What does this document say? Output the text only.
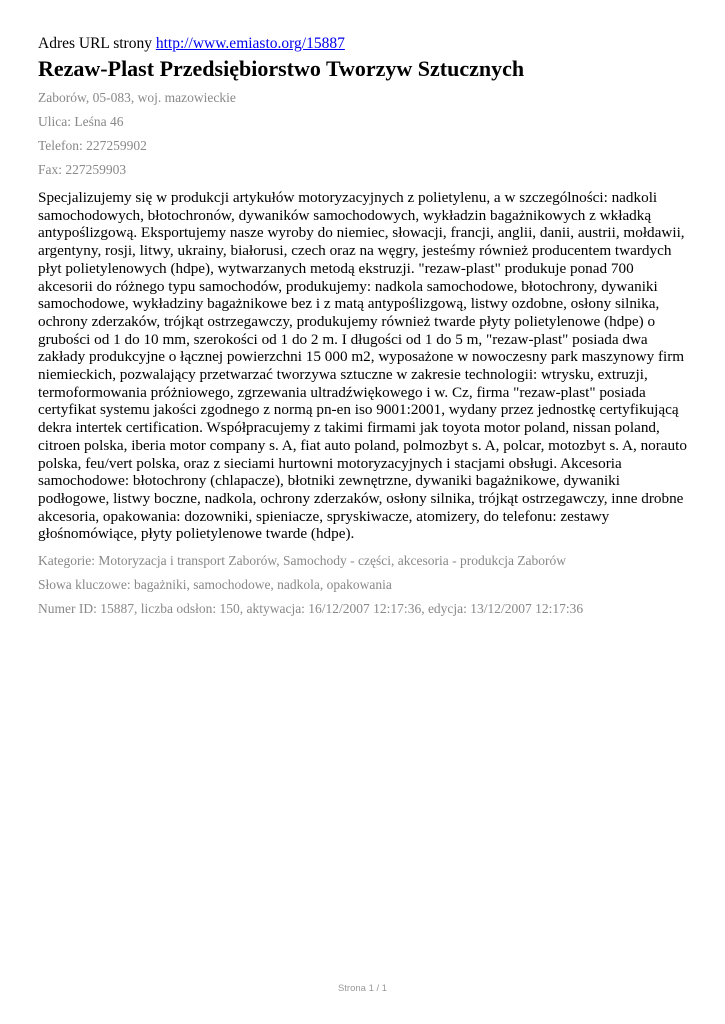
Adres URL strony http://www.emiasto.org/15887
Rezaw-Plast Przedsiębiorstwo Tworzyw Sztucznych

Zaborów, 05-083, woj. mazowieckie

Ulica: Leśna 46

Telefon: 227259902

Fax: 227259903

Specjalizujemy się w produkcji artykułów motoryzacyjnych z polietylenu, a w szczególności: nadkoli samochodowych, błotochronów, dywaników samochodowych, wykładzin bagażnikowych z wkładką antypoślizgową. Eksportujemy nasze wyroby do niemiec, słowacji, francji, anglii, danii, austrii, mołdawii, argentyny, rosji, litwy, ukrainy, białorusi, czech oraz na węgry, jesteśmy również producentem twardych płyt polietylenowych (hdpe), wytwarzanych metodą ekstruzji. "rezaw-plast" produkuje ponad 700 akcesorii do różnego typu samochodów, produkujemy: nadkola samochodowe, błotochrony, dywaniki samochodowe, wykładziny bagażnikowe bez i z matą antypoślizgową, listwy ozdobne, osłony silnika, ochrony zderzaków, trójkąt ostrzegawczy, produkujemy również twarde płyty polietylenowe (hdpe) o grubości od 1 do 10 mm, szerokości od 1 do 2 m. I długości od 1 do 5 m, "rezaw-plast" posiada dwa zakłady produkcyjne o łącznej powierzchni 15 000 m2, wyposażone w nowoczesny park maszynowy firm niemieckich, pozwalający przetwarzać tworzywa sztuczne w zakresie technologii: wtrysku, extruzji, termoformowania próżniowego, zgrzewania ultradźwiękowego i w. Cz, firma "rezaw-plast" posiada certyfikat systemu jakości zgodnego z normą pn-en iso 9001:2001, wydany przez jednostkę certyfikującą dekra intertek certification. Współpracujemy z takimi firmami jak toyota motor poland, nissan poland, citroen polska, iberia motor company s. A, fiat auto poland, polmozbyt s. A, polcar, motozbyt s. A, norauto polska, feu/vert polska, oraz z sieciami hurtowni motoryzacyjnych i stacjami obsługi. Akcesoria samochodowe: błotochrony (chlapacze), błotniki zewnętrzne, dywaniki bagażnikowe, dywaniki podłogowe, listwy boczne, nadkola, ochrony zderzaków, osłony silnika, trójkąt ostrzegawczy, inne drobne akcesoria, opakowania: dozowniki, spieniacze, spryskiwacze, atomizery, do telefonu: zestawy głośnomówiące, płyty polietylenowe twarde (hdpe).

Kategorie: Motoryzacja i transport Zaborów, Samochody - części, akcesoria - produkcja Zaborów

Słowa kluczowe: bagażniki, samochodowe, nadkola, opakowania

Numer ID: 15887, liczba odsłon: 150, aktywacja: 16/12/2007 12:17:36, edycja: 13/12/2007 12:17:36

Strona 1 / 1
